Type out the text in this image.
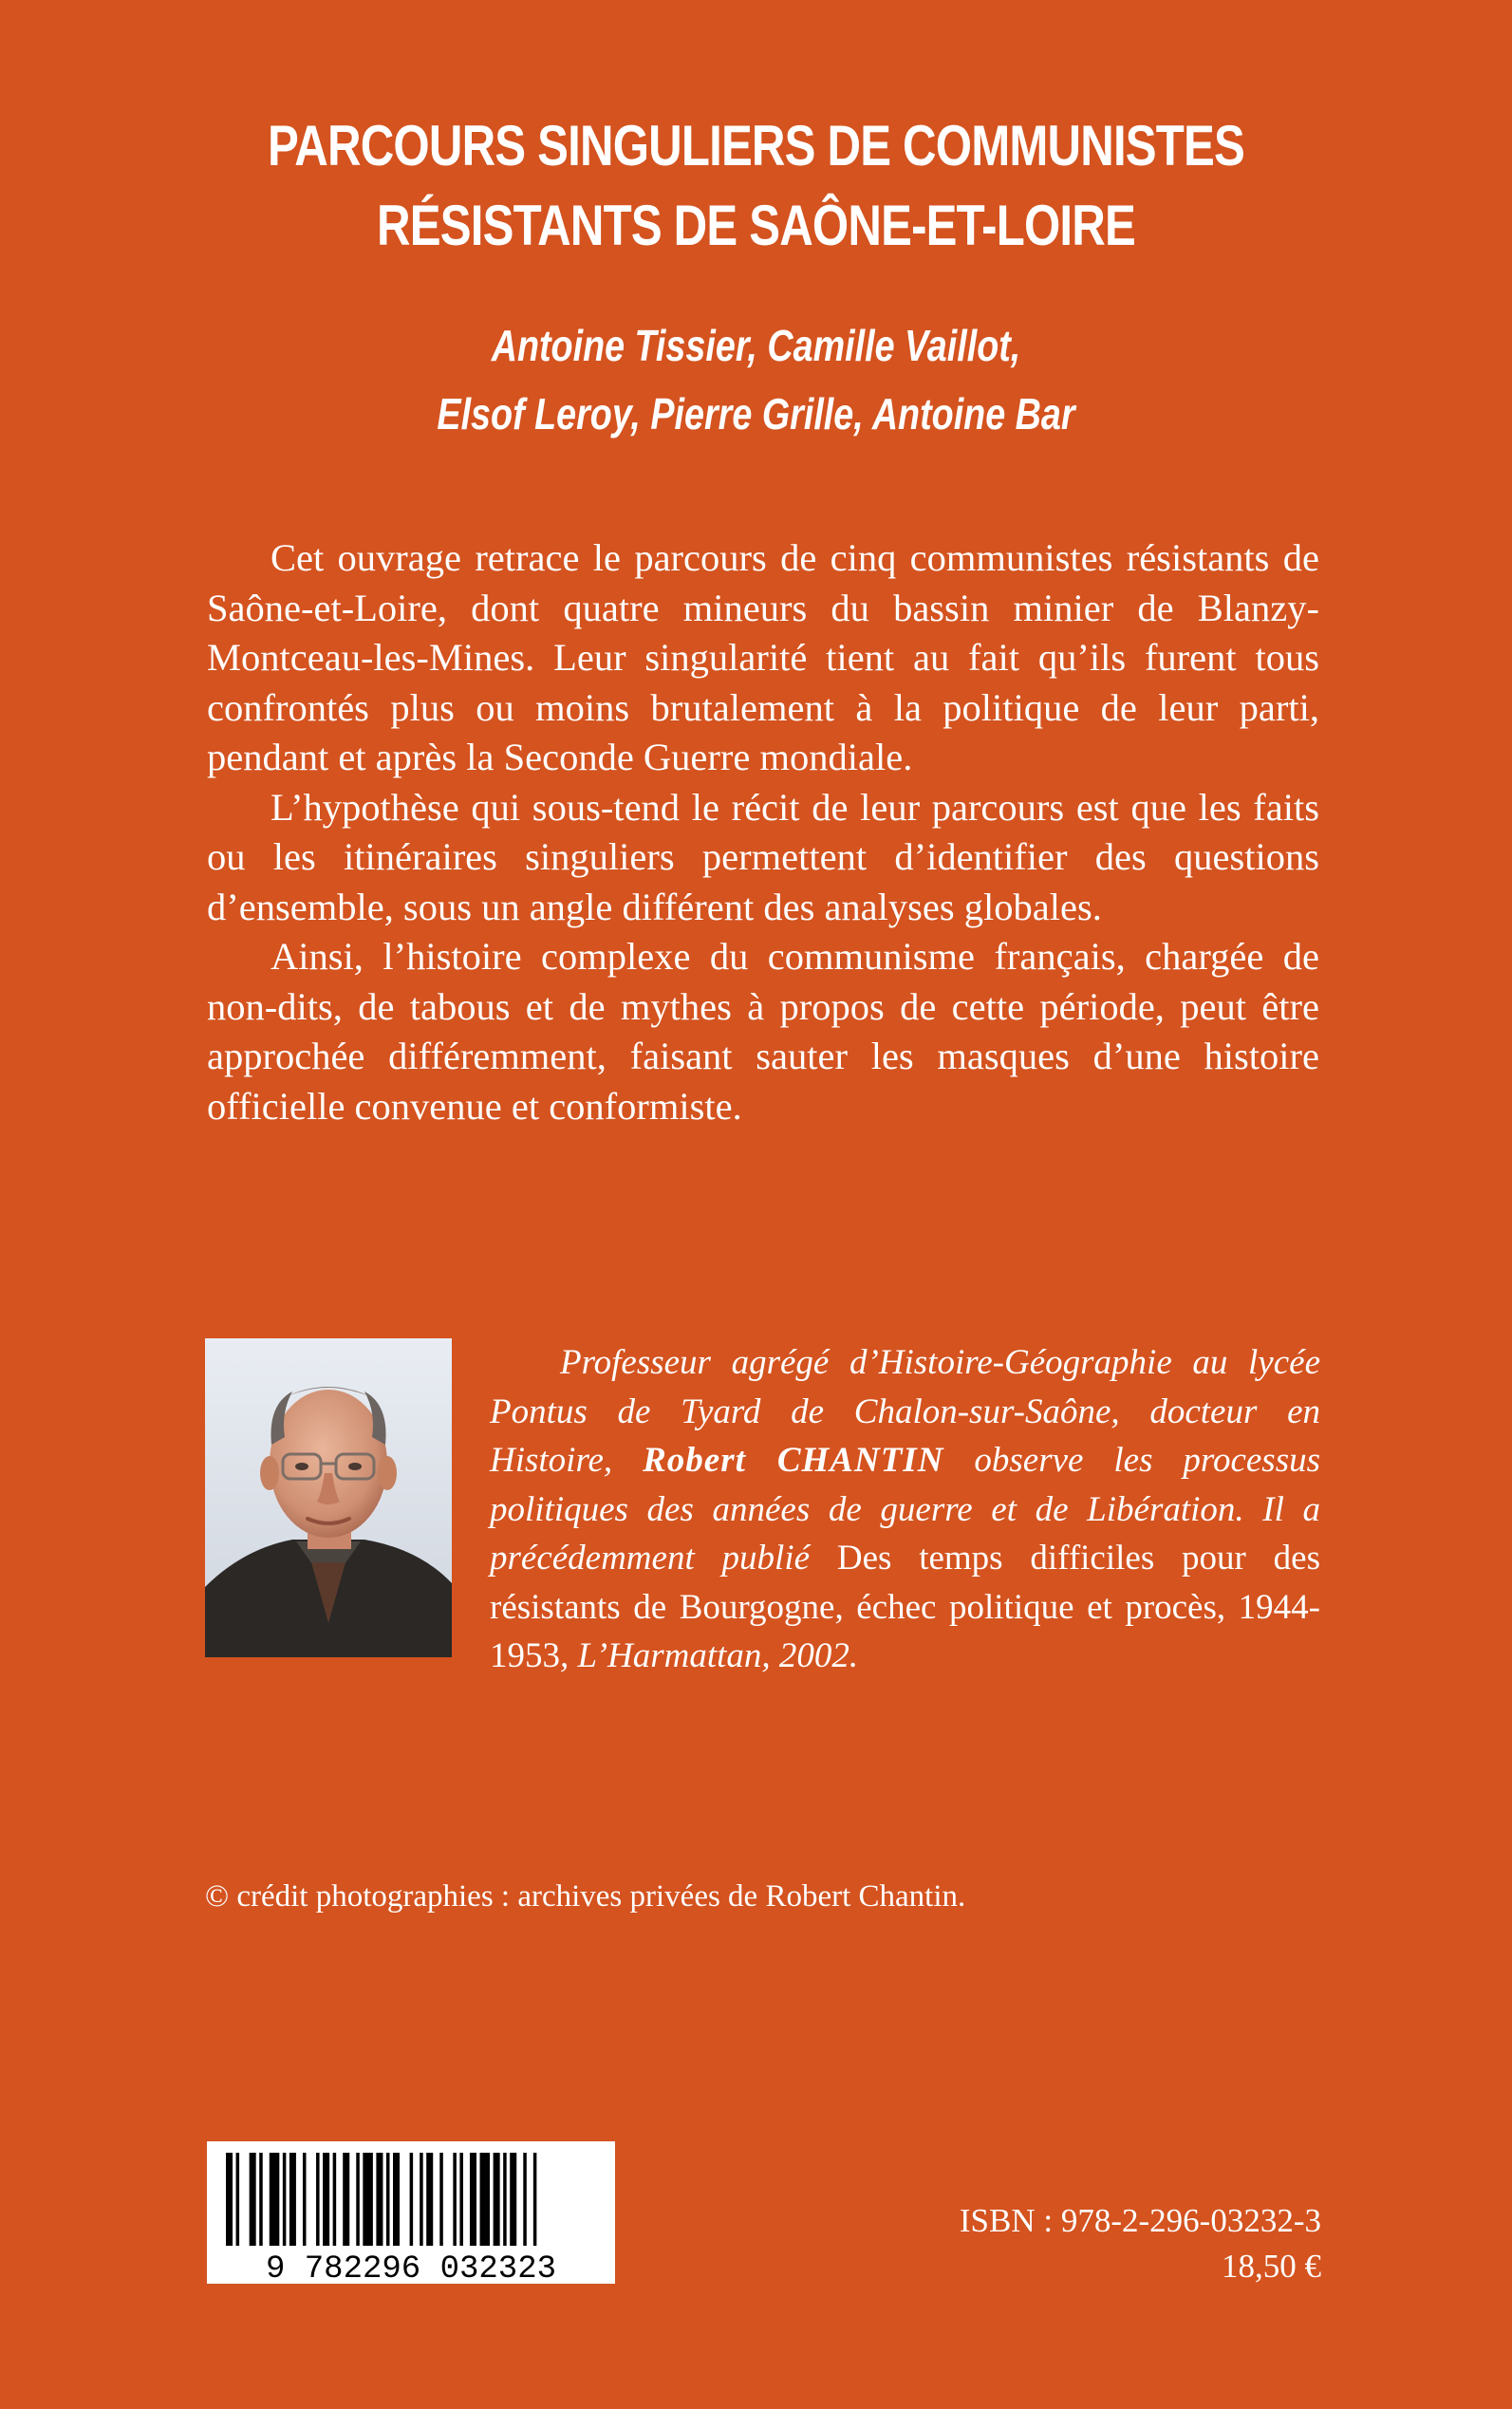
PARCOURS SINGULIERS DE COMMUNISTES
RÉSISTANTS DE SAÔNE-ET-LOIRE
Antoine Tissier, Camille Vaillot,
Elsof Leroy, Pierre Grille, Antoine Bar

Cet ouvrage retrace le parcours de cinq communistes résistants de Saône-et-Loire, dont quatre mineurs du bassin minier de Blanzy-Montceau-les-Mines. Leur singularité tient au fait qu’ils furent tous confrontés plus ou moins brutalement à la politique de leur parti, pendant et après la Seconde Guerre mondiale.

L’hypothèse qui sous-tend le récit de leur parcours est que les faits ou les itinéraires singuliers permettent d’identifier des questions d’ensemble, sous un angle différent des analyses globales.

Ainsi, l’histoire complexe du communisme français, chargée de non-dits, de tabous et de mythes à propos de cette période, peut être approchée différemment, faisant sauter les masques d’une histoire officielle convenue et conformiste.

Professeur agrégé d’Histoire-Géographie au lycée Pontus de Tyard de Chalon-sur-Saône, docteur en Histoire, Robert CHANTIN observe les processus politiques des années de guerre et de Libération. Il a précédemment publié Des temps difficiles pour des résistants de Bourgogne, échec politique et procès, 1944-1953, L’Harmattan, 2002.

© crédit photographies : archives privées de Robert Chantin.
9 782296 032323
ISBN : 978-2-296-03232-3
18,50 €
